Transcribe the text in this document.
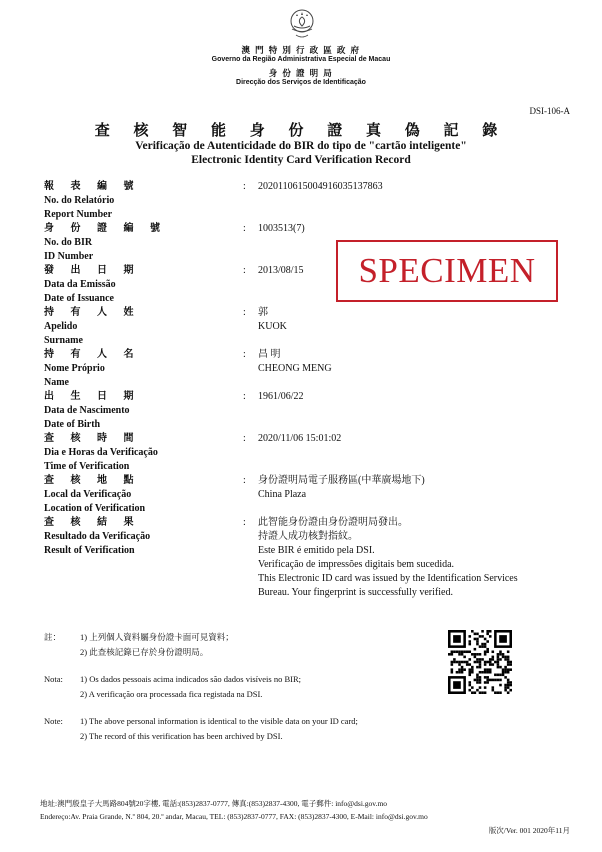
澳 門 特 別 行 政 區 政 府
Governo da Região Administrativa Especial de Macau
身 份 證 明 局
Direcção dos Serviços de Identificação
DSI-106-A
查 核 智 能 身 份 證 真 偽 記 錄
Verificação de Autenticidade do BIR do tipo de "cartão inteligente"
Electronic Identity Card Verification Record
報 表 編 號
No. do Relatório
Report Number
: 20201106150049160351378​63
身 份 證 編 號
No. do BIR
ID Number
: 1003513(7)
發 出 日 期
Data da Emissão
Date of Issuance
: 2013/08/15
持 有 人 姓
Apelido
Surname
: 郭
KUOK
持 有 人 名
Nome Próprio
Name
: 昌 明
CHEONG MENG
出 生 日 期
Data de Nascimento
Date of Birth
: 1961/06/22
查 核 時 間
Dia e Horas da Verificação
Time of Verification
: 2020/11/06 15:01:02
查 核 地 點
Local da Verificação
Location of Verification
: 身份證明局電子服務區(中華廣場地下)
China Plaza
查 核 結 果
Resultado da Verificação
Result of Verification
: 此智能身份證由身份證明局發出。
持證人成功核對指紋。
Este BIR é emitido pela DSI.
Verificação de impressões digitais bem sucedida.
This Electronic ID card was issued by the Identification Services
Bureau. Your fingerprint is successfully verified.
SPECIMEN
註： 1) 上列個人資料屬身份證卡面可見資料；
2) 此查核記錄已存於身份證明局。
Nota: 1) Os dados pessoais acima indicados são dados visíveis no BIR;
2) A verificação ora processada fica registada na DSI.
Note: 1) The above personal information is identical to the visible data on your ID card;
2) The record of this verification has been archived by DSI.
地址:澳門殷皇子大馬路804號20字樓, 電話:(853)2837-0777, 傳真:(853)2837-4300, 電子郵件: info@dsi.gov.mo
Endereço:Av. Praia Grande, N.º 804, 20.º andar, Macau, TEL: (853)2837-0777, FAX: (853)2837-4300, E-Mail: info@dsi.gov.mo
版次/Ver. 001 2020年11月
